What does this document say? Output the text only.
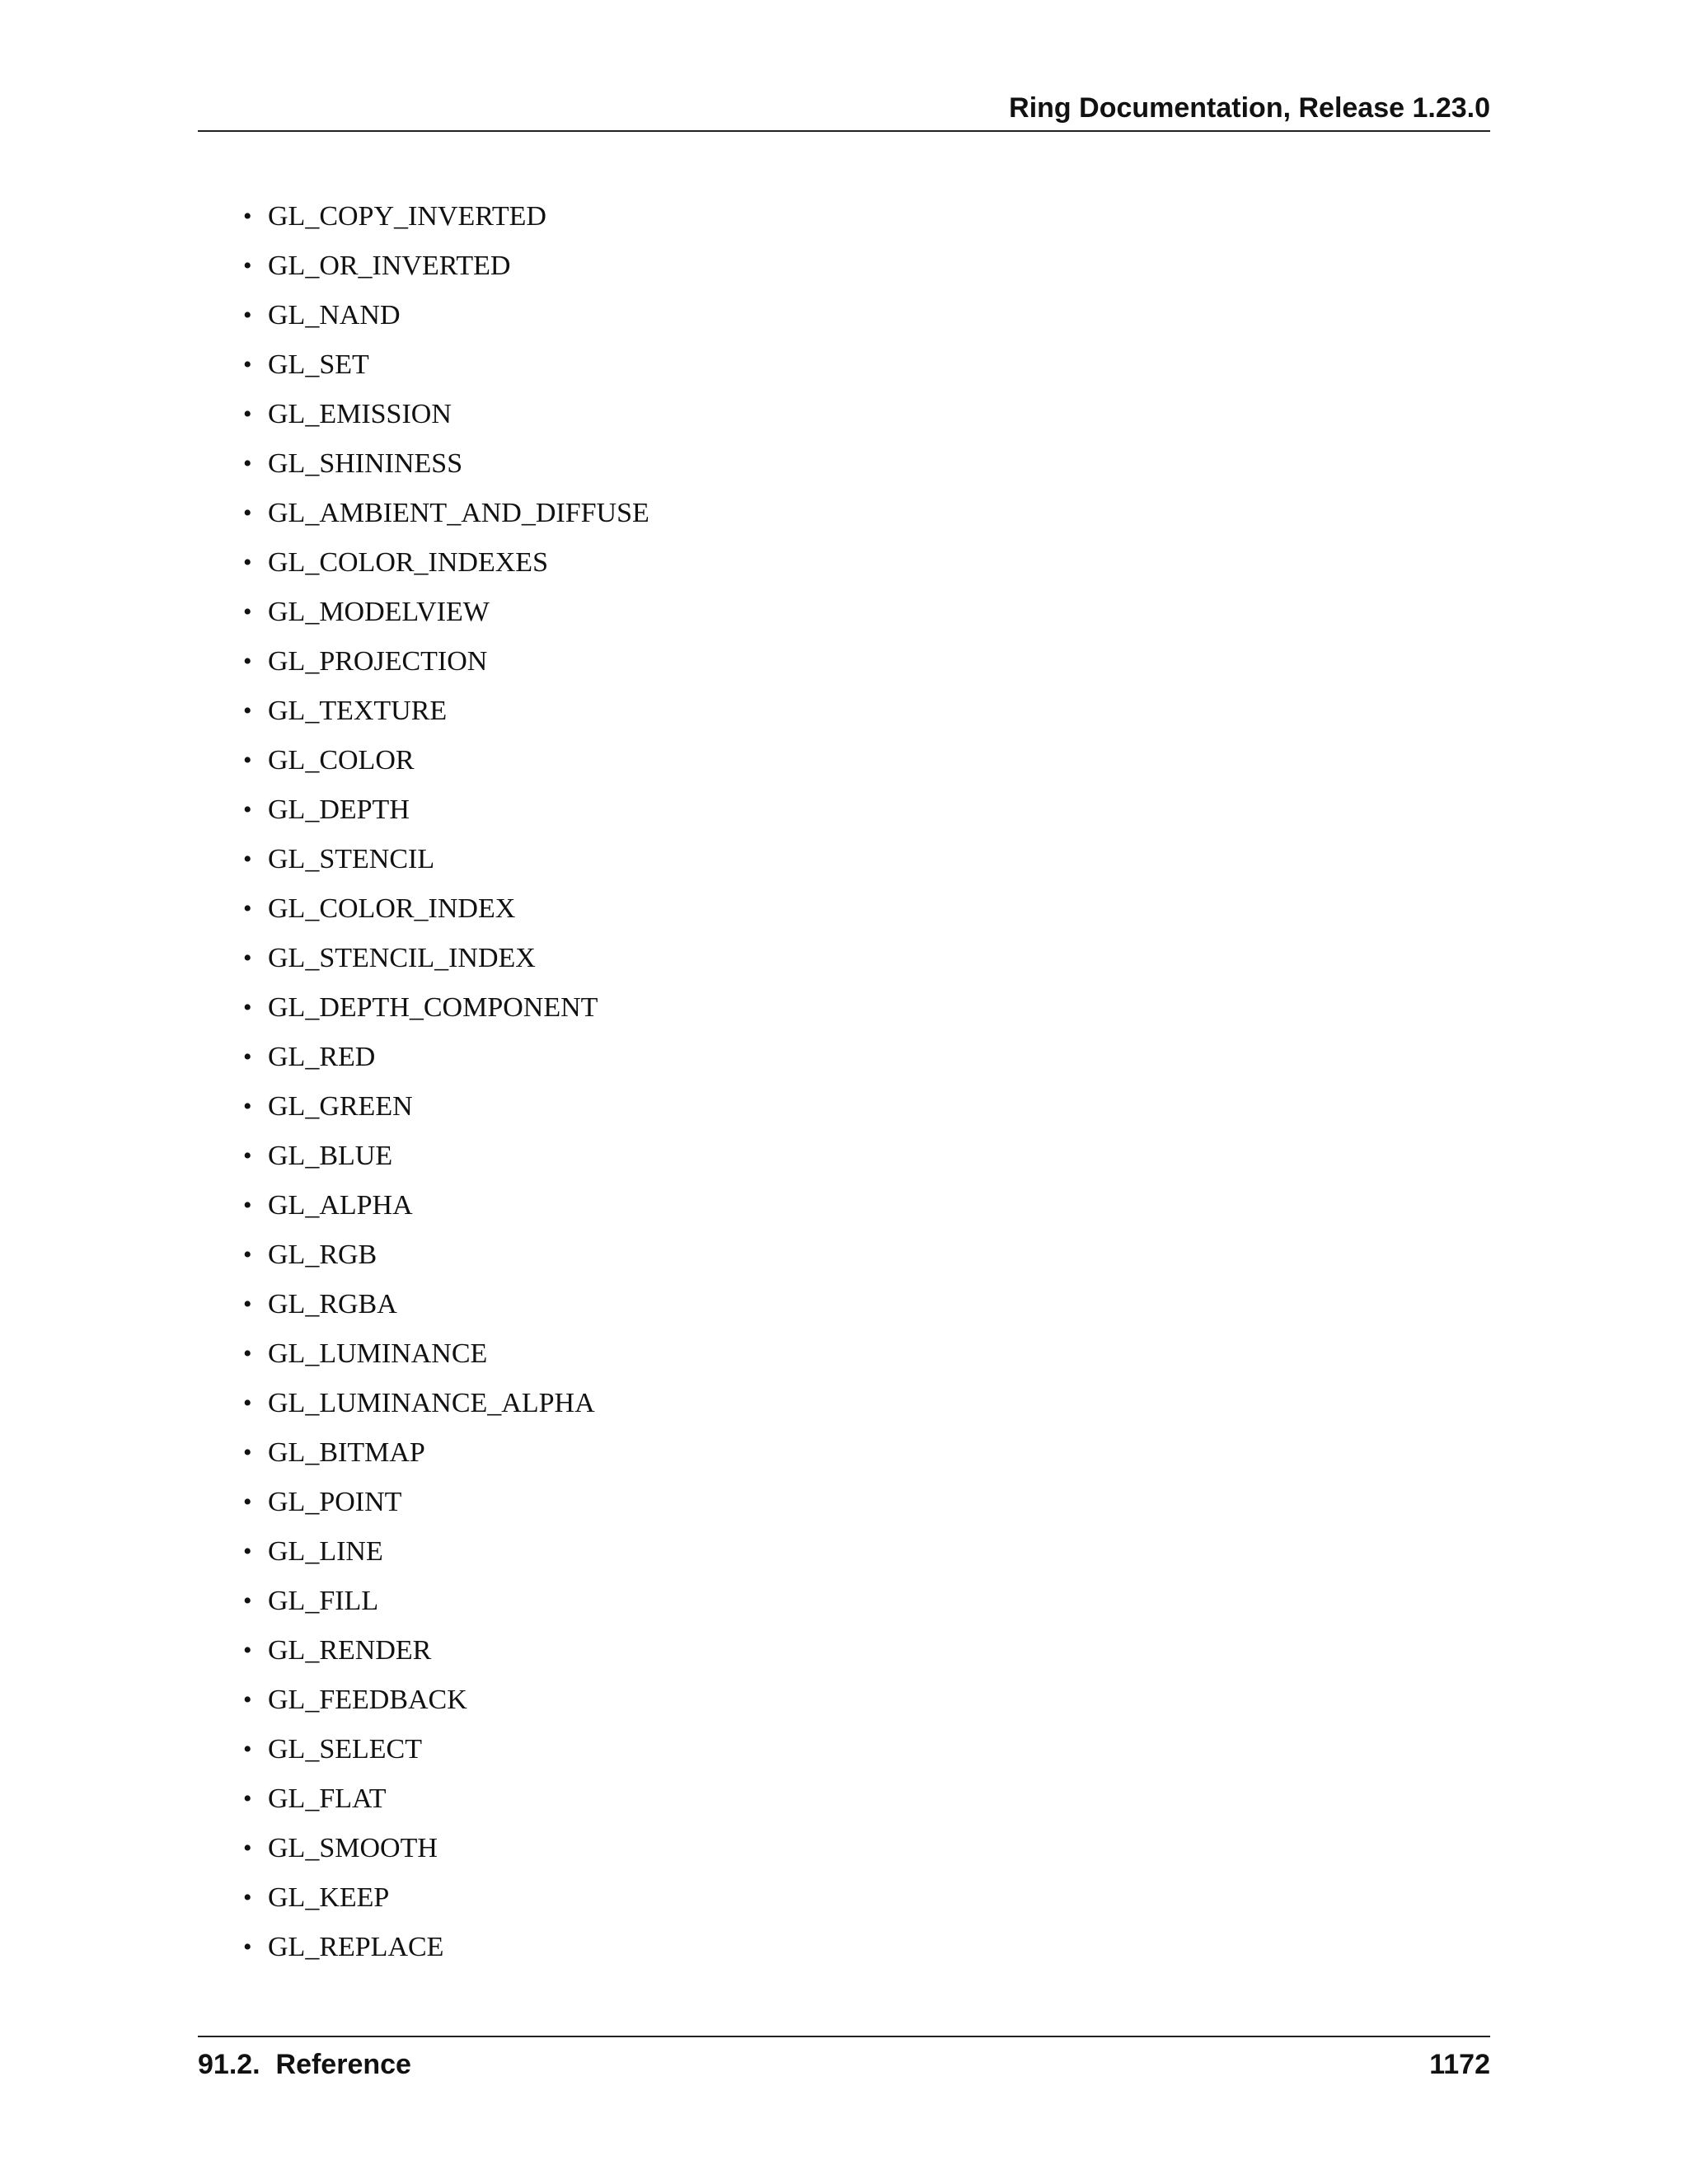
Ring Documentation, Release 1.23.0
• GL_COPY_INVERTED
• GL_OR_INVERTED
• GL_NAND
• GL_SET
• GL_EMISSION
• GL_SHININESS
• GL_AMBIENT_AND_DIFFUSE
• GL_COLOR_INDEXES
• GL_MODELVIEW
• GL_PROJECTION
• GL_TEXTURE
• GL_COLOR
• GL_DEPTH
• GL_STENCIL
• GL_COLOR_INDEX
• GL_STENCIL_INDEX
• GL_DEPTH_COMPONENT
• GL_RED
• GL_GREEN
• GL_BLUE
• GL_ALPHA
• GL_RGB
• GL_RGBA
• GL_LUMINANCE
• GL_LUMINANCE_ALPHA
• GL_BITMAP
• GL_POINT
• GL_LINE
• GL_FILL
• GL_RENDER
• GL_FEEDBACK
• GL_SELECT
• GL_FLAT
• GL_SMOOTH
• GL_KEEP
• GL_REPLACE
91.2.  Reference	1172
